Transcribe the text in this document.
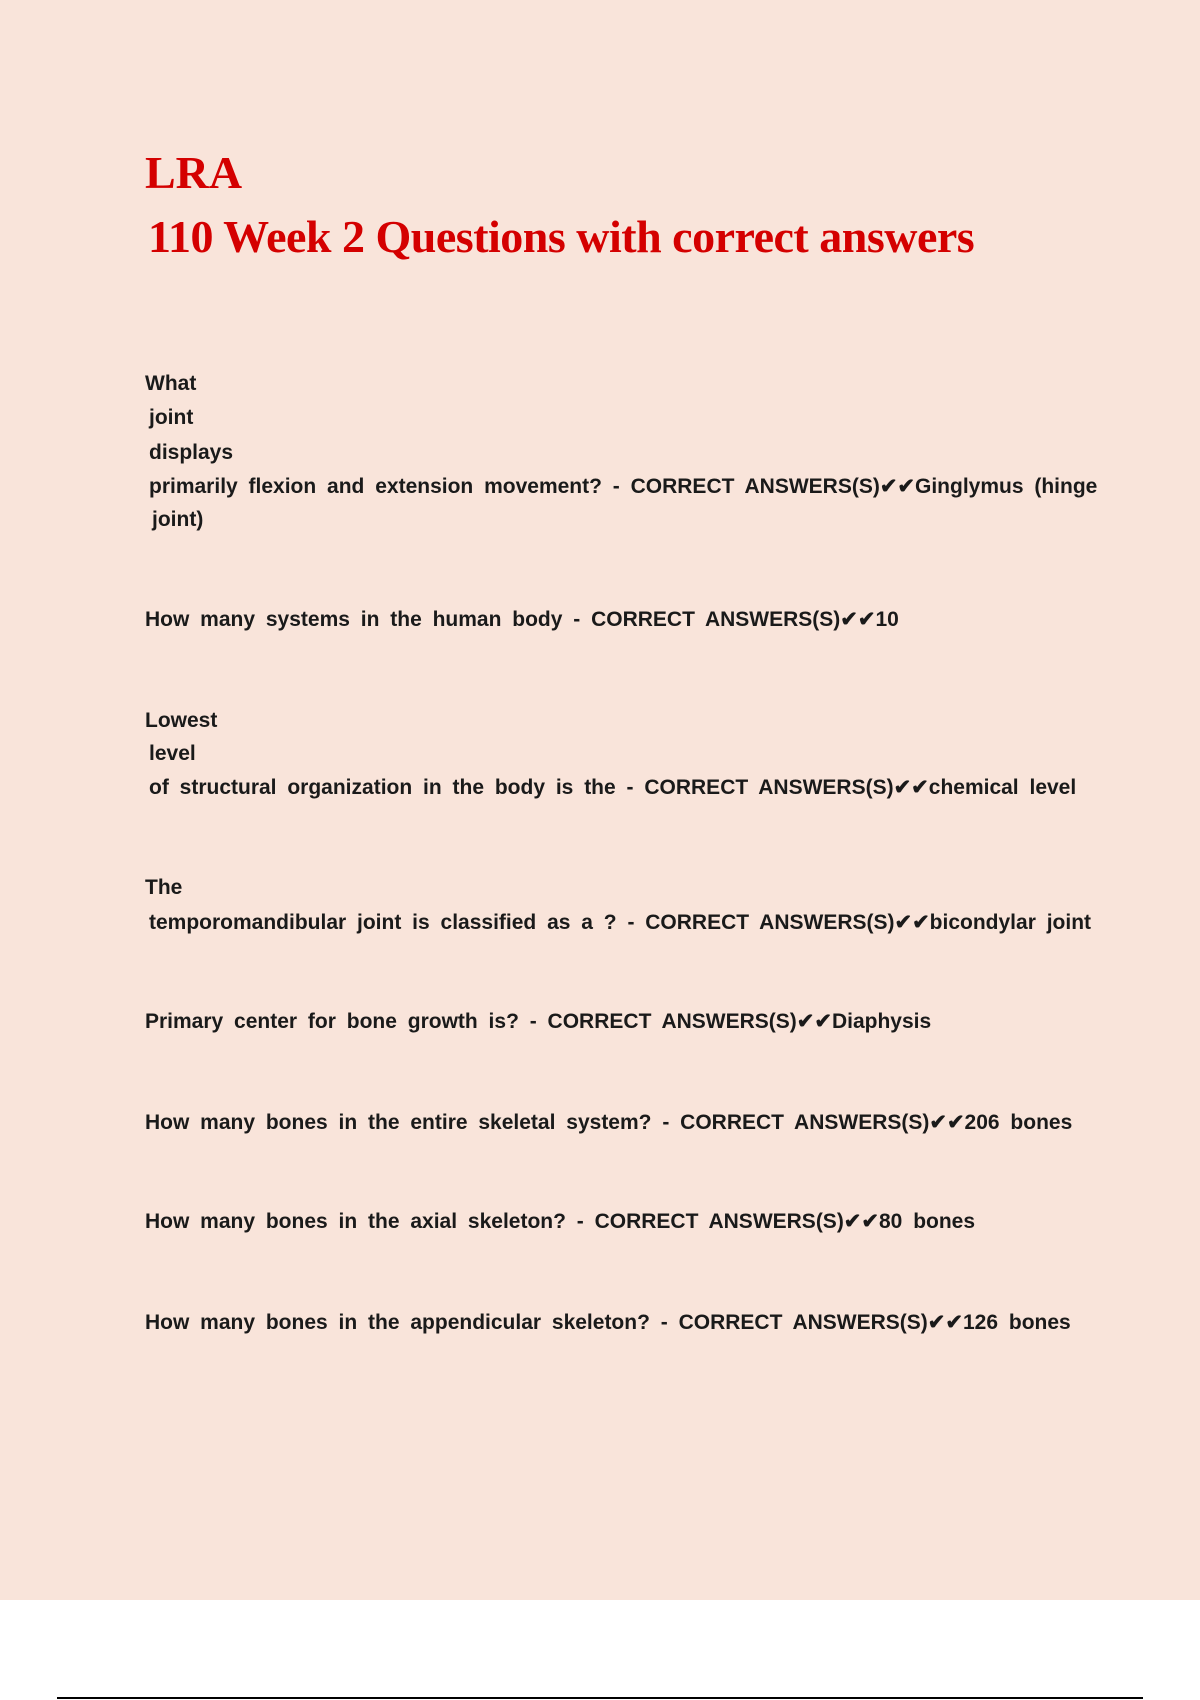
LRA
110 Week 2 Questions with correct answers
What
joint
displays
primarily flexion and extension movement? - CORRECT ANSWERS(S)✔✔Ginglymus (hinge
joint)
How many systems in the human body - CORRECT ANSWERS(S)✔✔10
Lowest
level
of structural organization in the body is the - CORRECT ANSWERS(S)✔✔chemical level
The
temporomandibular joint is classified as a ? - CORRECT ANSWERS(S)✔✔bicondylar joint
Primary center for bone growth is? - CORRECT ANSWERS(S)✔✔Diaphysis
How many bones in the entire skeletal system? - CORRECT ANSWERS(S)✔✔206 bones
How many bones in the axial skeleton? - CORRECT ANSWERS(S)✔✔80 bones
How many bones in the appendicular skeleton? - CORRECT ANSWERS(S)✔✔126 bones
